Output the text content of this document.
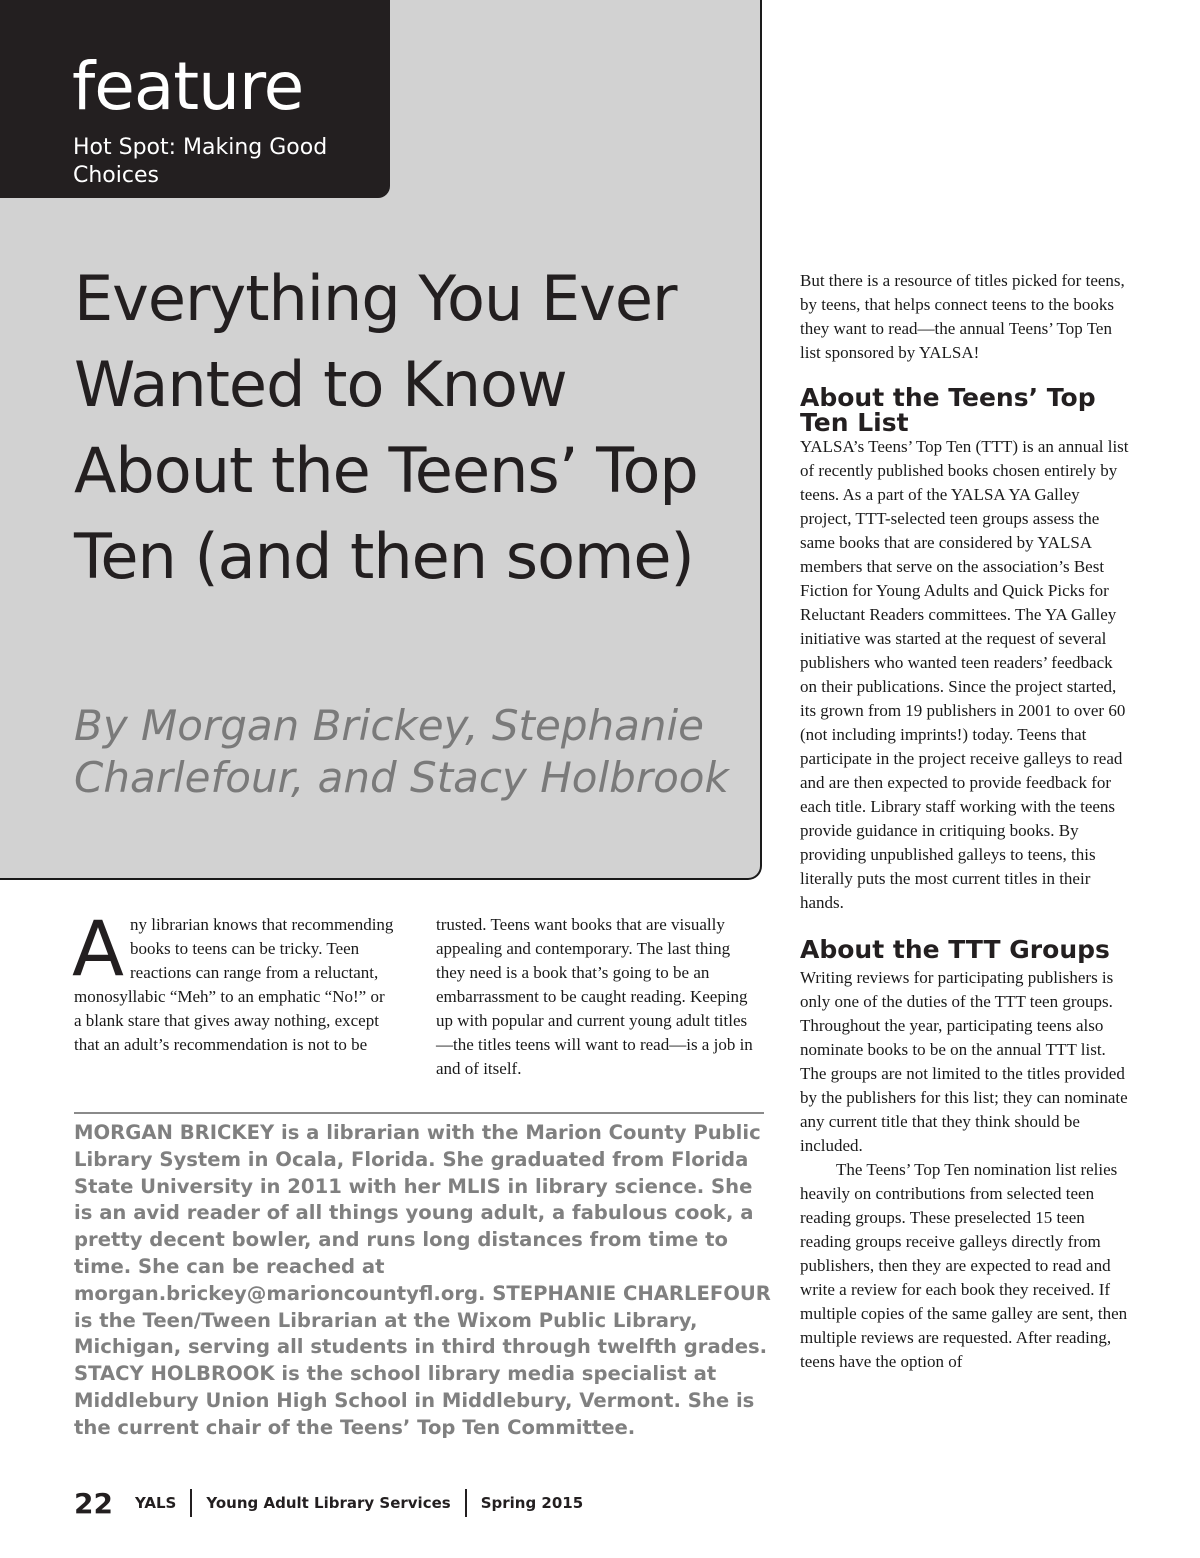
feature

Hot Spot: Making Good Choices

Everything You Ever Wanted to Know About the Teens’ Top Ten (and then some)

By Morgan Brickey, Stephanie Charlefour, and Stacy Holbrook

A ny librarian knows that recommending books to teens can be tricky. Teen reactions can range from a reluctant, monosyllabic “Meh” to an emphatic “No!” or a blank stare that gives away nothing, except that an adult’s recommendation is not to be

trusted. Teens want books that are visually appealing and contemporary. The last thing they need is a book that’s going to be an embarrassment to be caught reading. Keeping up with popular and current young adult titles—the titles teens will want to read—is a job in and of itself.

But there is a resource of titles picked for teens, by teens, that helps connect teens to the books they want to read—the annual Teens’ Top Ten list sponsored by YALSA!

About the Teens’ Top Ten List

YALSA’s Teens’ Top Ten (TTT) is an annual list of recently published books chosen entirely by teens. As a part of the YALSA YA Galley project, TTT-selected teen groups assess the same books that are considered by YALSA members that serve on the association’s Best Fiction for Young Adults and Quick Picks for Reluctant Readers committees. The YA Galley initiative was started at the request of several publishers who wanted teen readers’ feedback on their publications. Since the project started, its grown from 19 publishers in 2001 to over 60 (not including imprints!) today. Teens that participate in the project receive galleys to read and are then expected to provide feedback for each title. Library staff working with the teens provide guidance in critiquing books. By providing unpublished galleys to teens, this literally puts the most current titles in their hands.

About the TTT Groups

Writing reviews for participating publishers is only one of the duties of the TTT teen groups. Throughout the year, participating teens also nominate books to be on the annual TTT list. The groups are not limited to the titles provided by the publishers for this list; they can nominate any current title that they think should be included.

The Teens’ Top Ten nomination list relies heavily on contributions from selected teen reading groups. These preselected 15 teen reading groups receive galleys directly from publishers, then they are expected to read and write a review for each book they received. If multiple copies of the same galley are sent, then multiple reviews are requested. After reading, teens have the option of

MORGAN BRICKEY is a librarian with the Marion County Public Library System in Ocala, Florida. She graduated from Florida State University in 2011 with her MLIS in library science. She is an avid reader of all things young adult, a fabulous cook, a pretty decent bowler, and runs long distances from time to time. She can be reached at morgan.brickey@marioncountyfl.org. STEPHANIE CHARLEFOUR is the Teen/Tween Librarian at the Wixom Public Library, Michigan, serving all students in third through twelfth grades. STACY HOLBROOK is the school library media specialist at Middlebury Union High School in Middlebury, Vermont. She is the current chair of the Teens’ Top Ten Committee.

22 YALS Young Adult Library Services Spring 2015
